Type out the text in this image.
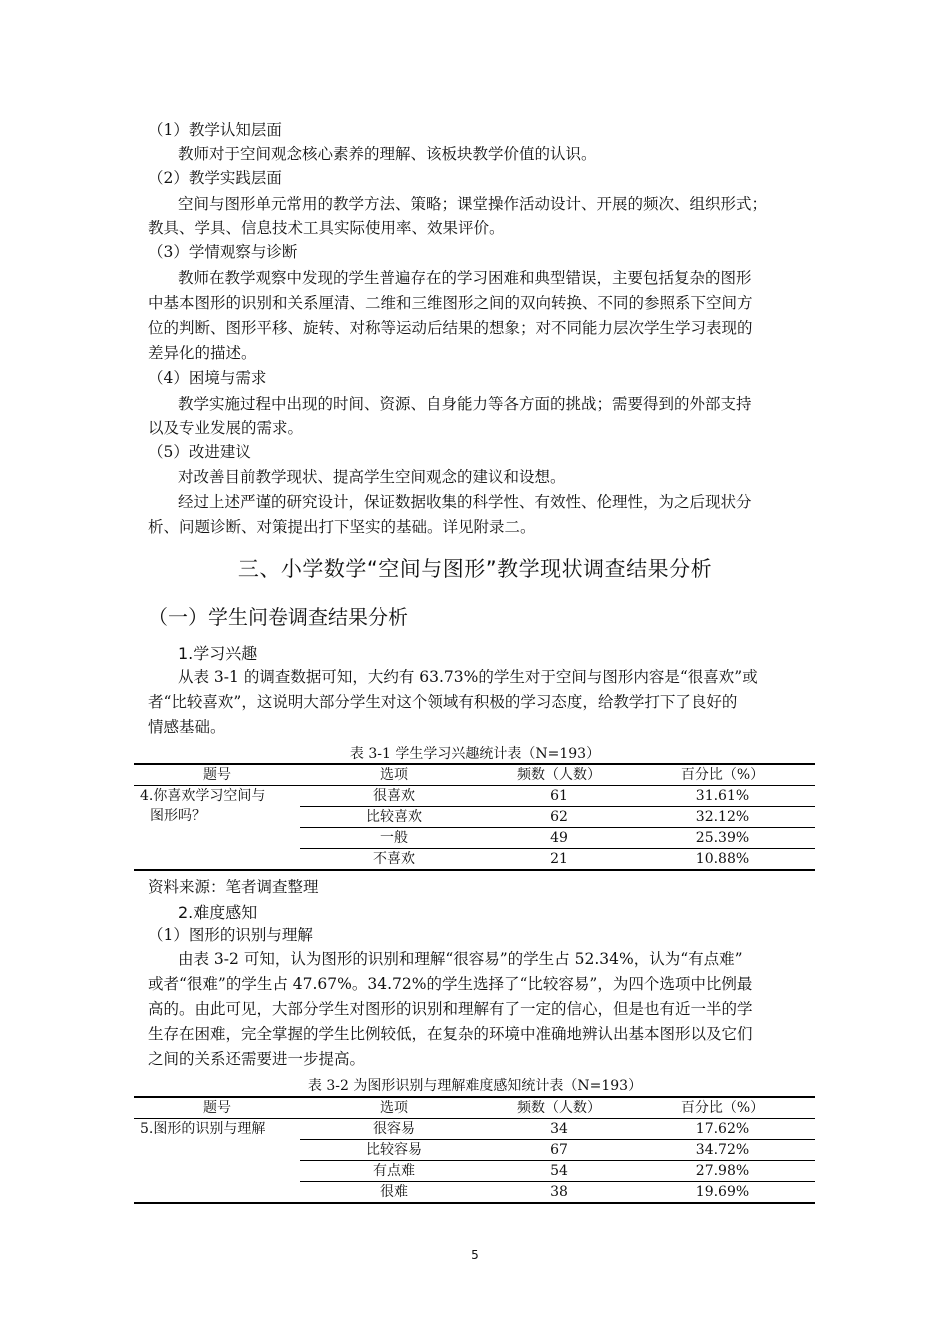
（1）教学认知层面
教师对于空间观念核心素养的理解、该板块教学价值的认识。
（2）教学实践层面
空间与图形单元常用的教学方法、策略；课堂操作活动设计、开展的频次、组织形式；
教具、学具、信息技术工具实际使用率、效果评价。
（3）学情观察与诊断
教师在教学观察中发现的学生普遍存在的学习困难和典型错误，主要包括复杂的图形
中基本图形的识别和关系厘清、二维和三维图形之间的双向转换、不同的参照系下空间方
位的判断、图形平移、旋转、对称等运动后结果的想象；对不同能力层次学生学习表现的
差异化的描述。
（4）困境与需求
教学实施过程中出现的时间、资源、自身能力等各方面的挑战；需要得到的外部支持
以及专业发展的需求。
（5）改进建议
对改善目前教学现状、提高学生空间观念的建议和设想。
经过上述严谨的研究设计，保证数据收集的科学性、有效性、伦理性，为之后现状分
析、问题诊断、对策提出打下坚实的基础。详见附录二。
三、小学数学“空间与图形”教学现状调查结果分析
（一）学生问卷调查结果分析
1.学习兴趣
从表 3-1 的调查数据可知，大约有 63.73%的学生对于空间与图形内容是“很喜欢”或
者“比较喜欢”，这说明大部分学生对这个领域有积极的学习态度，给教学打下了良好的
情感基础。
表 3-1 学生学习兴趣统计表（N=193）
题号	选项	频数（人数）	百分比（%）

4.你喜欢学习空间与
图形吗？	很喜欢	61	31.61%
	比较喜欢	62	32.12%
	一般	49	25.39%
	不喜欢	21	10.88%
资料来源：笔者调查整理
2.难度感知
（1）图形的识别与理解
由表 3-2 可知，认为图形的识别和理解“很容易”的学生占 52.34%，认为“有点难”
或者“很难”的学生占 47.67%。34.72%的学生选择了“比较容易”，为四个选项中比例最
高的。由此可见，大部分学生对图形的识别和理解有了一定的信心，但是也有近一半的学
生存在困难，完全掌握的学生比例较低，在复杂的环境中准确地辨认出基本图形以及它们
之间的关系还需要进一步提高。
表 3-2 为图形识别与理解难度感知统计表（N=193）
题号	选项	频数（人数）	百分比（%）

5.图形的识别与理解	很容易	34	17.62%
	比较容易	67	34.72%
	有点难	54	27.98%
	很难	38	19.69%
5
